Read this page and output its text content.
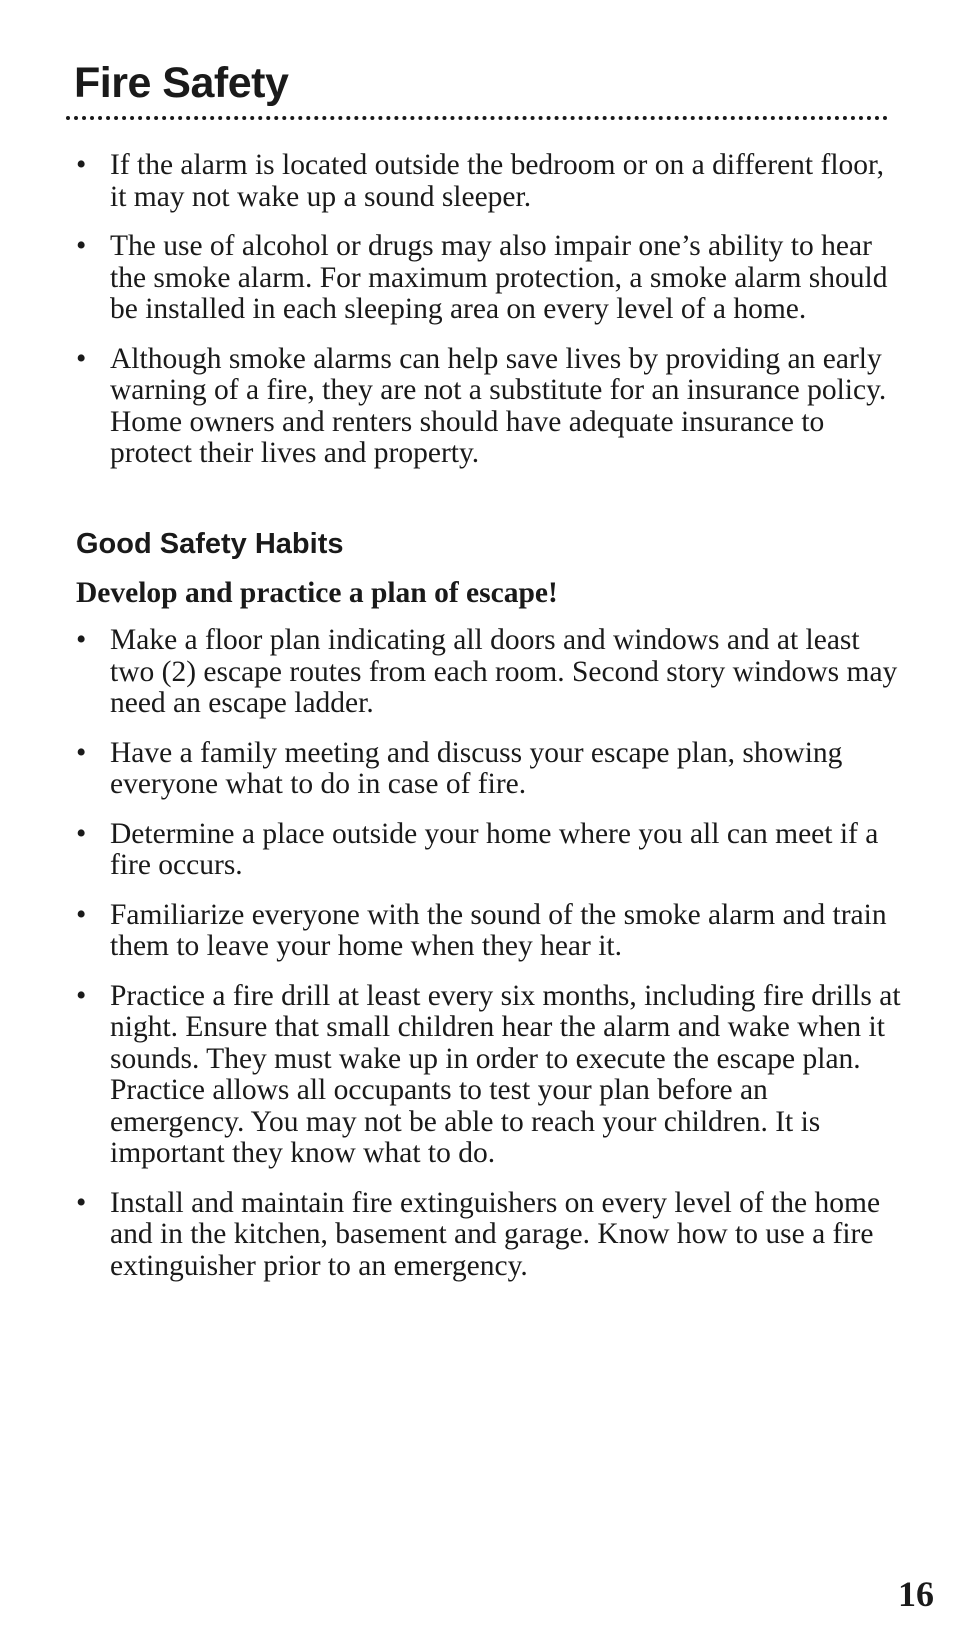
Fire Safety
• If the alarm is located outside the bedroom or on a different floor, it may not wake up a sound sleeper.
• The use of alcohol or drugs may also impair one’s ability to hear the smoke alarm. For maximum protection, a smoke alarm should be installed in each sleeping area on every level of a home.
• Although smoke alarms can help save lives by providing an early warning of a fire, they are not a substitute for an insurance policy. Home owners and renters should have adequate insurance to protect their lives and property.
Good Safety Habits

Develop and practice a plan of escape!

• Make a floor plan indicating all doors and windows and at least two (2) escape routes from each room. Second story windows may need an escape ladder.
• Have a family meeting and discuss your escape plan, showing everyone what to do in case of fire.
• Determine a place outside your home where you all can meet if a fire occurs.
• Familiarize everyone with the sound of the smoke alarm and train them to leave your home when they hear it.
• Practice a fire drill at least every six months, including fire drills at night. Ensure that small children hear the alarm and wake when it sounds. They must wake up in order to execute the escape plan. Practice allows all occupants to test your plan before an emergency. You may not be able to reach your children. It is important they know what to do.
• Install and maintain fire extinguishers on every level of the home and in the kitchen, basement and garage. Know how to use a fire extinguisher prior to an emergency.
16
